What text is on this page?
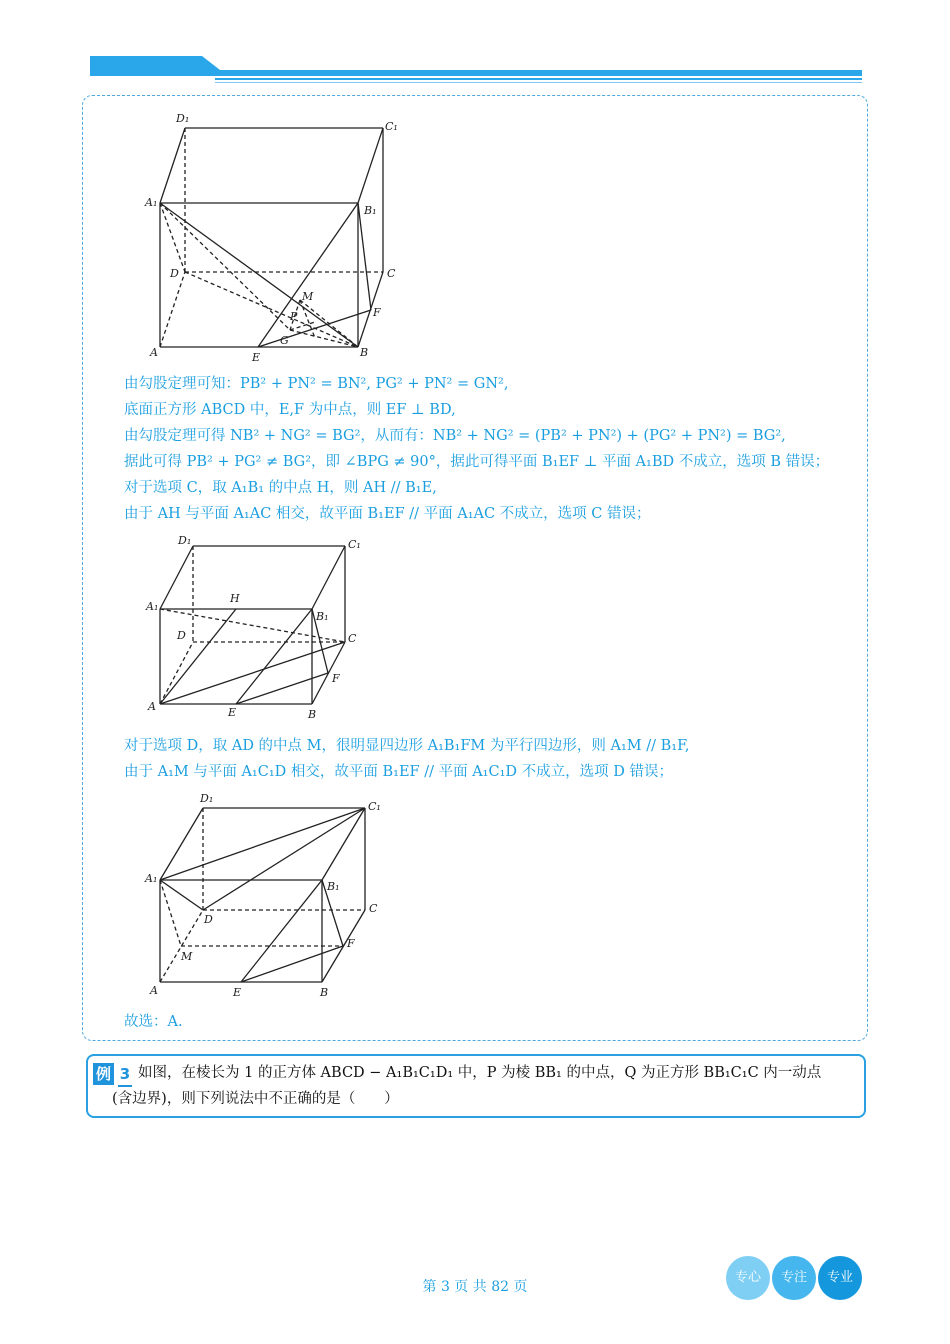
D₁
C₁
A₁
B₁
D	C
M
F
P
G
A	E	B
由勾股定理可知：PB² + PN² = BN², PG² + PN² = GN²,
底面正方形 ABCD 中，E,F 为中点，则 EF ⊥ BD,
由勾股定理可得 NB² + NG² = BG²，从而有：NB² + NG² = (PB² + PN²) + (PG² + PN²) = BG²,
据此可得 PB² + PG² ≠ BG²，即 ∠BPG ≠ 90°，据此可得平面 B₁EF ⊥ 平面 A₁BD 不成立，选项 B 错误；
对于选项 C，取 A₁B₁ 的中点 H，则 AH // B₁E,
由于 AH 与平面 A₁AC 相交，故平面 B₁EF // 平面 A₁AC 不成立，选项 C 错误；
D₁	C₁
A₁
H
B₁
D	C
F
A	E	B
对于选项 D，取 AD 的中点 M，很明显四边形 A₁B₁FM 为平行四边形，则 A₁M // B₁F,
由于 A₁M 与平面 A₁C₁D 相交，故平面 B₁EF // 平面 A₁C₁D 不成立，选项 D 错误；
D₁
C₁
A₁
B₁
D
C
F
M
A	E	B
故选：A.
例 3 如图，在棱长为 1 的正方体 ABCD − A₁B₁C₁D₁ 中，P 为棱 BB₁ 的中点，Q 为正方形 BB₁C₁C 内一动点
(含边界)，则下列说法中不正确的是（　　）
第 3 页 共 82 页
专心	专注	专业
